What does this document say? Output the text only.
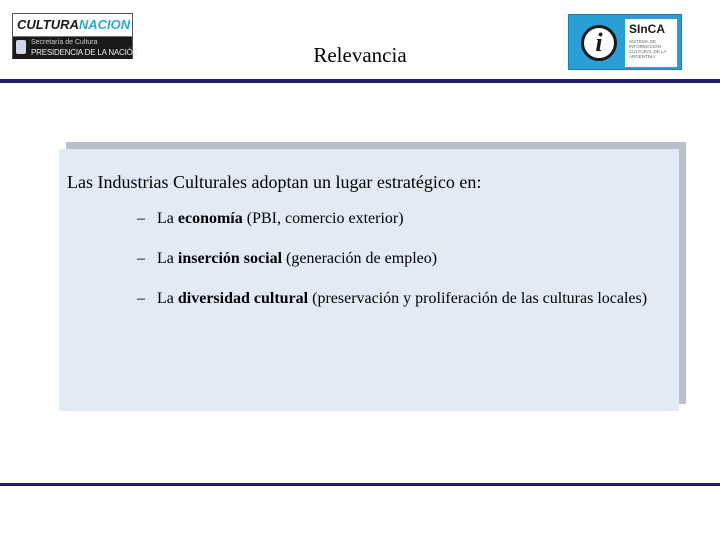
CULTURANACION
Secretaría de Cultura
PRESIDENCIA DE LA NACIÓN	Relevancia	i	SInCA
SISTEMA DE INFORMACIÓN CULTURAL DE LA ARGENTINA
Las Industrias Culturales adoptan un lugar estratégico en:
– La economía (PBI, comercio exterior)
– La inserción social (generación de empleo)
– La diversidad cultural (preservación y proliferación de las culturas locales)
